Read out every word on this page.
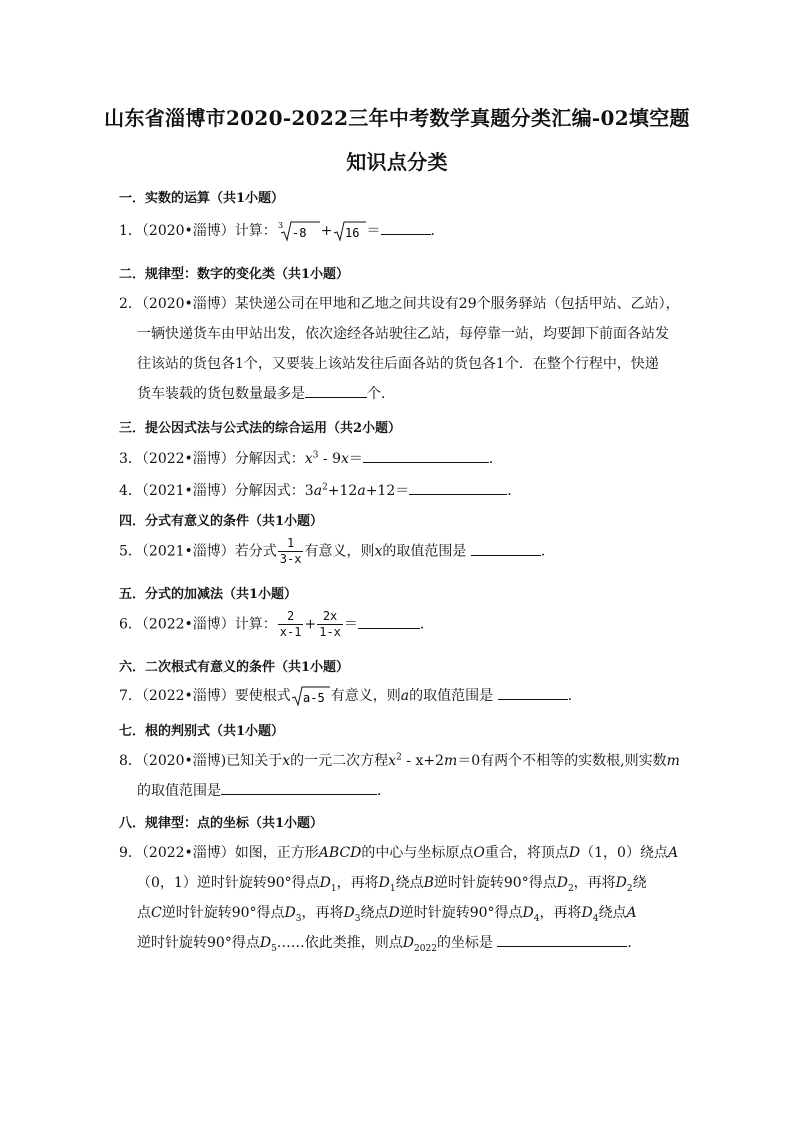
山东省淄博市2020-2022三年中考数学真题分类汇编-02填空题
知识点分类
一．实数的运算（共1小题）
1．（2020•淄博）计算： 3
-8 + 16 ＝	．
二．规律型：数字的变化类（共1小题）
2．（2020•淄博）某快递公司在甲地和乙地之间共设有29个服务驿站（包括甲站、乙站），
一辆快递货车由甲站出发，依次途经各站驶往乙站，每停靠一站，均要卸下前面各站发
往该站的货包各1个，又要装上该站发往后面各站的货包各1个．在整个行程中，快递
货车装载的货包数量最多是	个．
三．提公因式法与公式法的综合运用（共2小题）
3．（2022•淄博）分解因式：$x^3 - 9x=$	．
4．（2021•淄博）分解因式：$3a^2+12a+12=$	．
四．分式有意义的条件（共1小题）
5．（2021•淄博）若分式 $\frac{1}{3-x}$ 有意义，则x的取值范围是	．
五．分式的加减法（共1小题）
6．（2022•淄博）计算： $\frac{2}{x-1} + \frac{2x}{1-x}$ ＝	．
六．二次根式有意义的条件（共1小题）
7．（2022•淄博）要使根式 a-5 有意义，则a的取值范围是	．
七．根的判别式（共1小题）
8．（2020•淄博)已知关于x的一元二次方程$x^2 - x+2m=0$有两个不相等的实数根,则实数m
的取值范围是	．
八．规律型：点的坐标（共1小题）
9．（2022•淄博）如图，正方形ABCD的中心与坐标原点O重合，将顶点D（1，0）绕点A
（0，1）逆时针旋转90°得点$D_1$，再将$D_1$绕点B逆时针旋转90°得点$D_2$，再将$D_2$绕
点C逆时针旋转90°得点$D_3$，再将$D_3$绕点D逆时针旋转90°得点$D_4$，再将$D_4$绕点A
逆时针旋转90°得点$D_5\dots\dots$依此类推，则点$D_{2022}$的坐标是	．
